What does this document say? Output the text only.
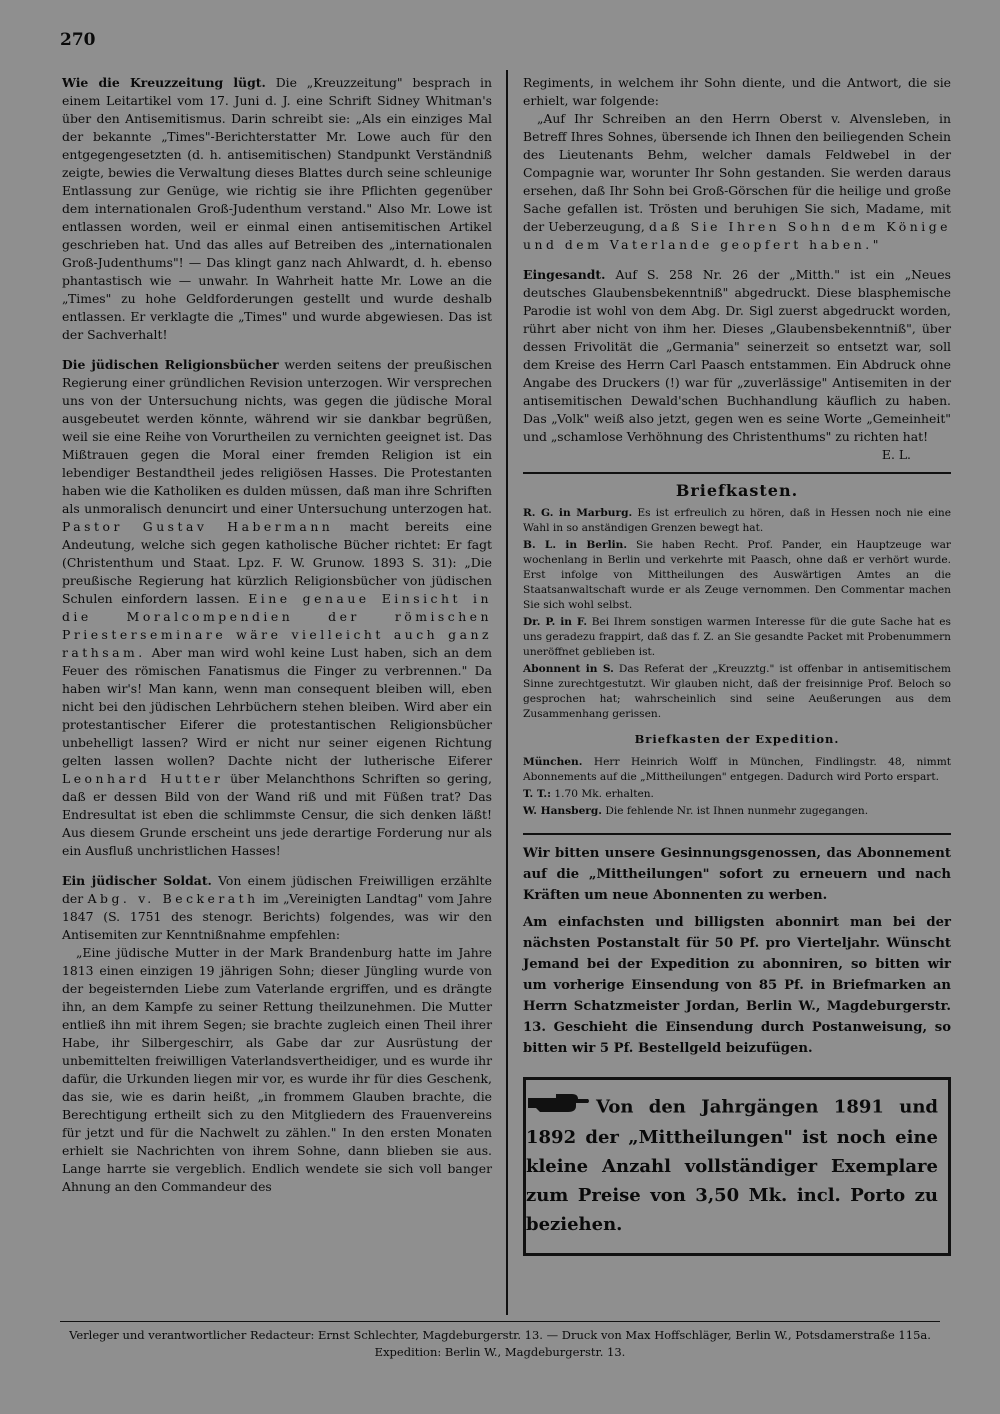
270

Wie die Kreuzzeitung lügt. Die „Kreuzzeitung" besprach in einem Leitartikel vom 17. Juni d. J. eine Schrift Sidney Whitman's über den Antisemitismus. Darin schreibt sie: „Als ein einziges Mal der bekannte „Times"-Berichterstatter Mr. Lowe auch für den entgegengesetzten (d. h. antisemitischen) Standpunkt Verständniß zeigte, bewies die Verwaltung dieses Blattes durch seine schleunige Entlassung zur Genüge, wie richtig sie ihre Pflichten gegenüber dem internationalen Groß-Judenthum verstand." Also Mr. Lowe ist entlassen worden, weil er einmal einen antisemitischen Artikel geschrieben hat. Und das alles auf Betreiben des „internationalen Groß-Judenthums"! — Das klingt ganz nach Ahlwardt, d. h. ebenso phantastisch wie — unwahr. In Wahrheit hatte Mr. Lowe an die „Times" zu hohe Geldforderungen gestellt und wurde deshalb entlassen. Er verklagte die „Times" und wurde abgewiesen. Das ist der Sachverhalt!

Die jüdischen Religionsbücher werden seitens der preußischen Regierung einer gründlichen Revision unterzogen. Wir versprechen uns von der Untersuchung nichts, was gegen die jüdische Moral ausgebeutet werden könnte, während wir sie dankbar begrüßen, weil sie eine Reihe von Vorurtheilen zu vernichten geeignet ist. Das Mißtrauen gegen die Moral einer fremden Religion ist ein lebendiger Bestandtheil jedes religiösen Hasses. Die Protestanten haben wie die Katholiken es dulden müssen, daß man ihre Schriften als unmoralisch denuncirt und einer Untersuchung unterzogen hat. Pastor Gustav Habermann macht bereits eine Andeutung, welche sich gegen katholische Bücher richtet: Er fagt (Christenthum und Staat. Lpz. F. W. Grunow. 1893 S. 31): „Die preußische Regierung hat kürzlich Religionsbücher von jüdischen Schulen einfordern lassen. Eine genaue Einsicht in die Moralcompendien der römischen Priesterseminare wäre vielleicht auch ganz rathsam. Aber man wird wohl keine Lust haben, sich an dem Feuer des römischen Fanatismus die Finger zu verbrennen." Da haben wir's! Man kann, wenn man consequent bleiben will, eben nicht bei den jüdischen Lehrbüchern stehen bleiben. Wird aber ein protestantischer Eiferer die protestantischen Religionsbücher unbehelligt lassen? Wird er nicht nur seiner eigenen Richtung gelten lassen wollen? Dachte nicht der lutherische Eiferer Leonhard Hutter über Melanchthons Schriften so gering, daß er dessen Bild von der Wand riß und mit Füßen trat? Das Endresultat ist eben die schlimmste Censur, die sich denken läßt! Aus diesem Grunde erscheint uns jede derartige Forderung nur als ein Ausfluß unchristlichen Hasses!

Ein jüdischer Soldat. Von einem jüdischen Freiwilligen erzählte der Abg. v. Beckerath im „Vereinigten Landtag" vom Jahre 1847 (S. 1751 des stenogr. Berichts) folgendes, was wir den Antisemiten zur Kenntnißnahme empfehlen:

„Eine jüdische Mutter in der Mark Brandenburg hatte im Jahre 1813 einen einzigen 19 jährigen Sohn; dieser Jüngling wurde von der begeisternden Liebe zum Vaterlande ergriffen, und es drängte ihn, an dem Kampfe zu seiner Rettung theilzunehmen. Die Mutter entließ ihn mit ihrem Segen; sie brachte zugleich einen Theil ihrer Habe, ihr Silbergeschirr, als Gabe dar zur Ausrüstung der unbemittelten freiwilligen Vaterlandsvertheidiger, und es wurde ihr dafür, die Urkunden liegen mir vor, es wurde ihr für dies Geschenk, das sie, wie es darin heißt, „in frommem Glauben brachte, die Berechtigung ertheilt sich zu den Mitgliedern des Frauenvereins für jetzt und für die Nachwelt zu zählen." In den ersten Monaten erhielt sie Nachrichten von ihrem Sohne, dann blieben sie aus. Lange harrte sie vergeblich. Endlich wendete sie sich voll banger Ahnung an den Commandeur des

Regiments, in welchem ihr Sohn diente, und die Antwort, die sie erhielt, war folgende:

„Auf Ihr Schreiben an den Herrn Oberst v. Alvensleben, in Betreff Ihres Sohnes, übersende ich Ihnen den beiliegenden Schein des Lieutenants Behm, welcher damals Feldwebel in der Compagnie war, worunter Ihr Sohn gestanden. Sie werden daraus ersehen, daß Ihr Sohn bei Groß-Görschen für die heilige und große Sache gefallen ist. Trösten und beruhigen Sie sich, Madame, mit der Ueberzeugung, daß Sie Ihren Sohn dem Könige und dem Vaterlande geopfert haben."

Eingesandt. Auf S. 258 Nr. 26 der „Mitth." ist ein „Neues deutsches Glaubensbekenntniß" abgedruckt. Diese blasphemische Parodie ist wohl von dem Abg. Dr. Sigl zuerst abgedruckt worden, rührt aber nicht von ihm her. Dieses „Glaubensbekenntniß", über dessen Frivolität die „Germania" seinerzeit so entsetzt war, soll dem Kreise des Herrn Carl Paasch entstammen. Ein Abdruck ohne Angabe des Druckers (!) war für „zuverlässige" Antisemiten in der antisemitischen Dewald'schen Buchhandlung käuflich zu haben. Das „Volk" weiß also jetzt, gegen wen es seine Worte „Gemeinheit" und „schamlose Verhöhnung des Christenthums" zu richten hat!
E. L.

Briefkasten.

R. G. in Marburg. Es ist erfreulich zu hören, daß in Hessen noch nie eine Wahl in so anständigen Grenzen bewegt hat.

B. L. in Berlin. Sie haben Recht. Prof. Pander, ein Hauptzeuge war wochenlang in Berlin und verkehrte mit Paasch, ohne daß er verhört wurde. Erst infolge von Mittheilungen des Auswärtigen Amtes an die Staatsanwaltschaft wurde er als Zeuge vernommen. Den Commentar machen Sie sich wohl selbst.

Dr. P. in F. Bei Ihrem sonstigen warmen Interesse für die gute Sache hat es uns geradezu frappirt, daß das f. Z. an Sie gesandte Packet mit Probenummern uneröffnet geblieben ist.

Abonnent in S. Das Referat der „Kreuzztg." ist offenbar in antisemitischem Sinne zurechtgestutzt. Wir glauben nicht, daß der freisinnige Prof. Beloch so gesprochen hat; wahrscheinlich sind seine Aeußerungen aus dem Zusammenhang gerissen.

Briefkasten der Expedition.

München. Herr Heinrich Wolff in München, Findlingstr. 48, nimmt Abonnements auf die „Mittheilungen" entgegen. Dadurch wird Porto erspart.

T. T.: 1.70 Mk. erhalten.

W. Hansberg. Die fehlende Nr. ist Ihnen nunmehr zugegangen.

Wir bitten unsere Gesinnungsgenossen, das Abonnement auf die „Mittheilungen" sofort zu erneuern und nach Kräften um neue Abonnenten zu werben.

Am einfachsten und billigsten abonnirt man bei der nächsten Postanstalt für 50 Pf. pro Vierteljahr. Wünscht Jemand bei der Expedition zu abonniren, so bitten wir um vorherige Einsendung von 85 Pf. in Briefmarken an Herrn Schatzmeister Jordan, Berlin W., Magdeburgerstr. 13. Geschieht die Einsendung durch Postanweisung, so bitten wir 5 Pf. Bestellgeld beizufügen.

Von den Jahrgängen 1891 und 1892 der „Mittheilungen" ist noch eine kleine Anzahl vollständiger Exemplare zum Preise von 3,50 Mk. incl. Porto zu beziehen.
Verleger und verantwortlicher Redacteur: Ernst Schlechter, Magdeburgerstr. 13. — Druck von Max Hoffschläger, Berlin W., Potsdamerstraße 115a.
Expedition: Berlin W., Magdeburgerstr. 13.
